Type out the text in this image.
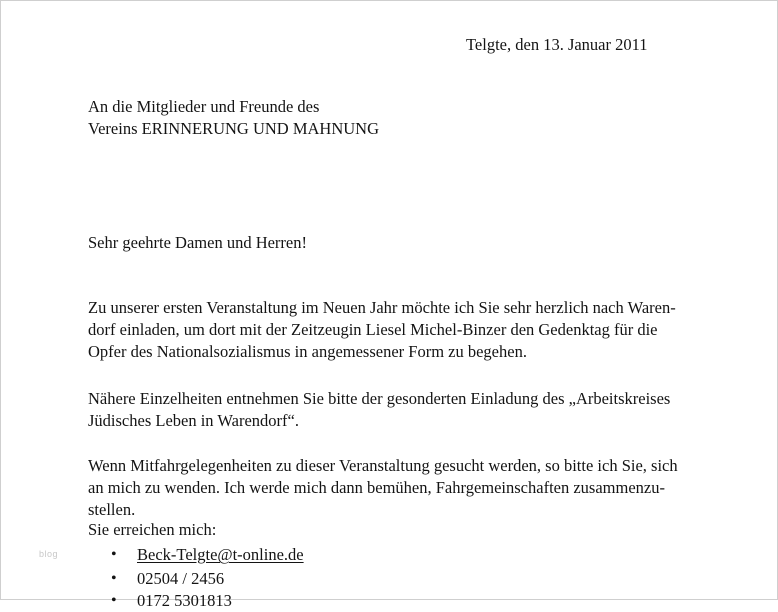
Telgte, den 13. Januar 2011
An die Mitglieder und Freunde des
Vereins ERINNERUNG UND MAHNUNG
Sehr geehrte Damen und Herren!
Zu unserer ersten Veranstaltung im Neuen Jahr möchte ich Sie sehr herzlich nach Waren-
dorf einladen, um dort mit der Zeitzeugin Liesel Michel-Binzer den Gedenktag für die
Opfer des Nationalsozialismus in angemessener Form zu begehen.
Nähere Einzelheiten entnehmen Sie bitte der gesonderten Einladung des „Arbeitskreises
Jüdisches Leben in Warendorf“.
Wenn Mitfahrgelegenheiten zu dieser Veranstaltung gesucht werden, so bitte ich Sie, sich
an mich zu wenden. Ich werde mich dann bemühen, Fahrgemeinschaften zusammenzu-
stellen.
Sie erreichen mich:
• Beck-Telgte@t-online.de
• 02504 / 2456
• 0172 5301813
blog
